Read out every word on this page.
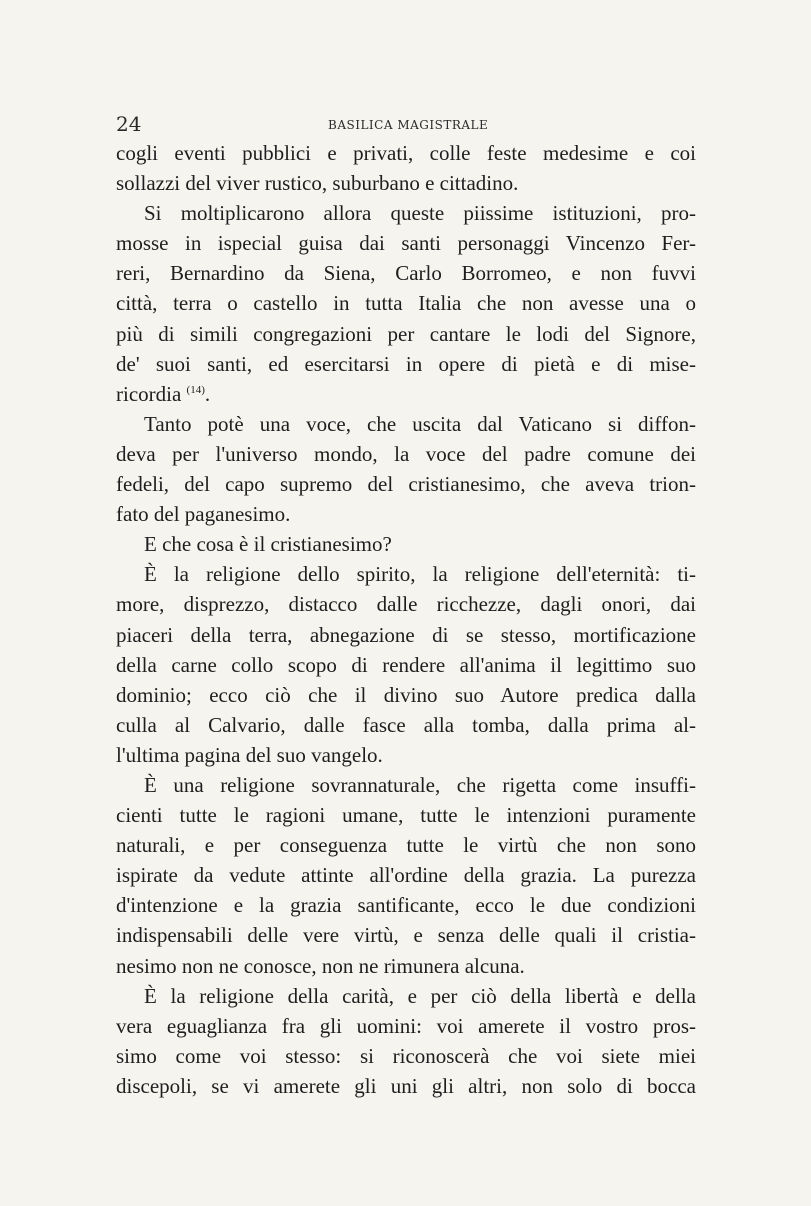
24	BASILICA MAGISTRALE
cogli eventi pubblici e privati, colle feste medesime e coi
sollazzi del viver rustico, suburbano e cittadino.
Si moltiplicarono allora queste piissime istituzioni, pro-
mosse in ispecial guisa dai santi personaggi Vincenzo Fer-
reri, Bernardino da Siena, Carlo Borromeo, e non fuvvi
città, terra o castello in tutta Italia che non avesse una o
più di simili congregazioni per cantare le lodi del Signore,
de' suoi santi, ed esercitarsi in opere di pietà e di mise-
ricordia $^{(14)}$.
Tanto potè una voce, che uscita dal Vaticano si diffon-
deva per l'universo mondo, la voce del padre comune dei
fedeli, del capo supremo del cristianesimo, che aveva trion-
fato del paganesimo.
E che cosa è il cristianesimo?
È la religione dello spirito, la religione dell'eternità: ti-
more, disprezzo, distacco dalle ricchezze, dagli onori, dai
piaceri della terra, abnegazione di se stesso, mortificazione
della carne collo scopo di rendere all'anima il legittimo suo
dominio; ecco ciò che il divino suo Autore predica dalla
culla al Calvario, dalle fasce alla tomba, dalla prima al-
l'ultima pagina del suo vangelo.
È una religione sovrannaturale, che rigetta come insuffi-
cienti tutte le ragioni umane, tutte le intenzioni puramente
naturali, e per conseguenza tutte le virtù che non sono
ispirate da vedute attinte all'ordine della grazia. La purezza
d'intenzione e la grazia santificante, ecco le due condizioni
indispensabili delle vere virtù, e senza delle quali il cristia-
nesimo non ne conosce, non ne rimunera alcuna.
È la religione della carità, e per ciò della libertà e della
vera eguaglianza fra gli uomini: voi amerete il vostro pros-
simo come voi stesso: si riconoscerà che voi siete miei
discepoli, se vi amerete gli uni gli altri, non solo di bocca
